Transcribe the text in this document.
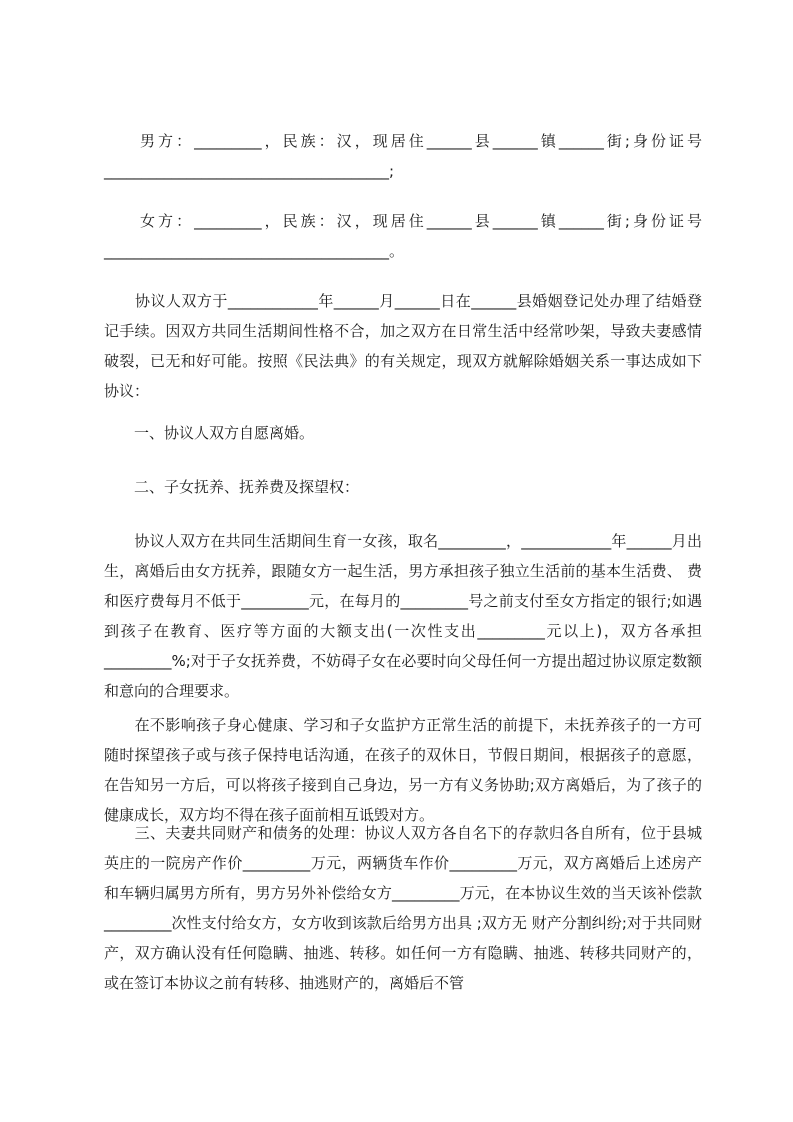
　　男方：_________，民族：汉，现居住______县______镇______街;身份证号______________________________________;

　　女方：_________，民族：汉，现居住______县______镇______街;身份证号______________________________________。

　　协议人双方于____________年______月______日在______县婚姻登记处办理了结婚登记手续。因双方共同生活期间性格不合，加之双方在日常生活中经常吵架，导致夫妻感情破裂，已无和好可能。按照《民法典》的有关规定，现双方就解除婚姻关系一事达成如下协议：

　　一、协议人双方自愿离婚。

　　二、子女抚养、抚养费及探望权：

　　协议人双方在共同生活期间生育一女孩，取名_________，____________年______月出生，离婚后由女方抚养，跟随女方一起生活，男方承担孩子独立生活前的基本生活费、 费和医疗费每月不低于_________元，在每月的_________号之前支付至女方指定的银行;如遇到孩子在教育、医疗等方面的大额支出(一次性支出_________元以上)，双方各承担_________%;对于子女抚养费，不妨碍子女在必要时向父母任何一方提出超过协议原定数额和意向的合理要求。

　　在不影响孩子身心健康、学习和子女监护方正常生活的前提下，未抚养孩子的一方可随时探望孩子或与孩子保持电话沟通，在孩子的双休日，节假日期间，根据孩子的意愿，在告知另一方后，可以将孩子接到自己身边，另一方有义务协助;双方离婚后，为了孩子的健康成长，双方均不得在孩子面前相互诋毁对方。

　　三、夫妻共同财产和债务的处理：协议人双方各自名下的存款归各自所有，位于县城英庄的一院房产作价_________万元，两辆货车作价_________万元，双方离婚后上述房产和车辆归属男方所有，男方另外补偿给女方_________万元，在本协议生效的当天该补偿款_________次性支付给女方，女方收到该款后给男方出具 ;双方无 财产分割纠纷;对于共同财产，双方确认没有任何隐瞒、抽逃、转移。如任何一方有隐瞒、抽逃、转移共同财产的，或在签订本协议之前有转移、抽逃财产的，离婚后不管
